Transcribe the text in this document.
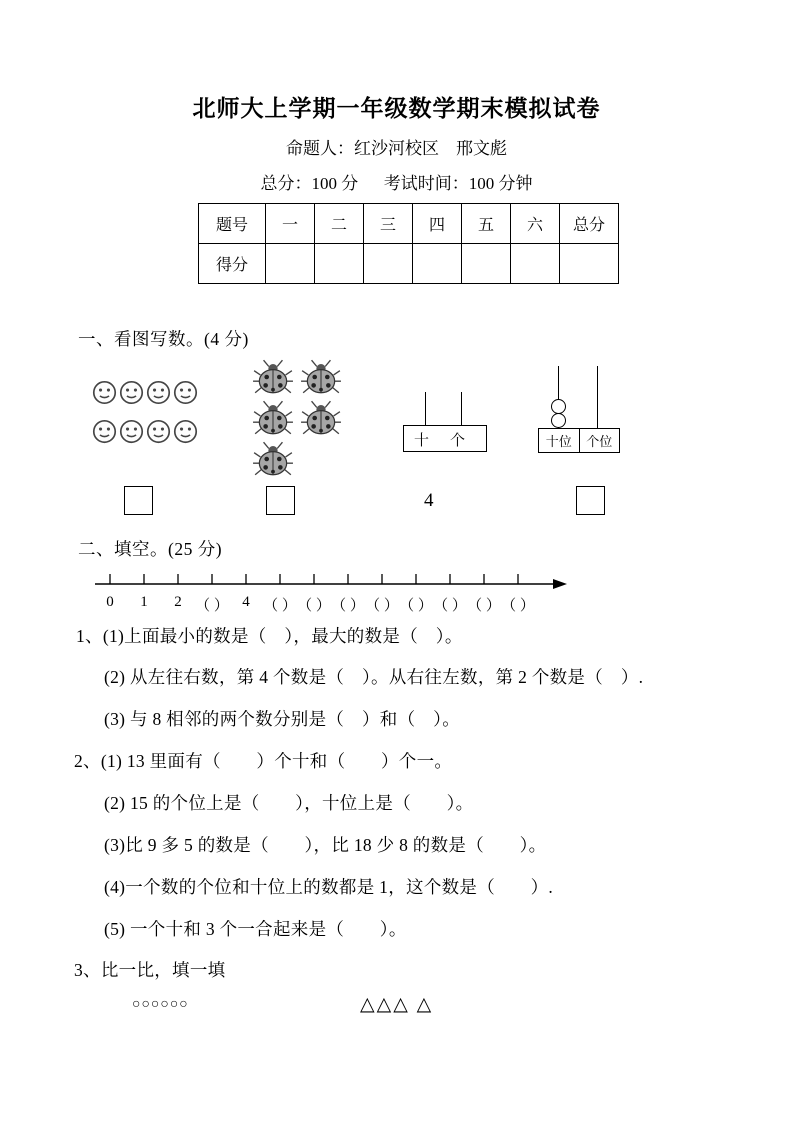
北师大上学期一年级数学期末模拟试卷
命题人：红沙河校区　邢文彪
总分：100 分      考试时间：100 分钟
题号	一	二	三	四	五	六	总分
得分							
一、看图写数。(4 分)
十 个	十位	个位
4
二、填空。(25 分)
0 1 2 （ ） 4 （ ） （ ） （ ） （ ） （ ） （ ） （ ） （ ）
1、(1)上面最小的数是（　），最大的数是（　）。
(2) 从左往右数，第 4 个数是（　）。从右往左数，第 2 个数是（　）.
(3) 与 8 相邻的两个数分别是（　）和（　）。
2、(1) 13 里面有（　　）个十和（　　）个一。
(2) 15 的个位上是（　　），十位上是（　　）。
(3)比 9 多 5 的数是（　　），比 18 少 8 的数是（　　）。
(4)一个数的个位和十位上的数都是 1，这个数是（　　）.
(5) 一个十和 3 个一合起来是（　　）。
3、比一比，填一填
○○○○○○	△△△ △
